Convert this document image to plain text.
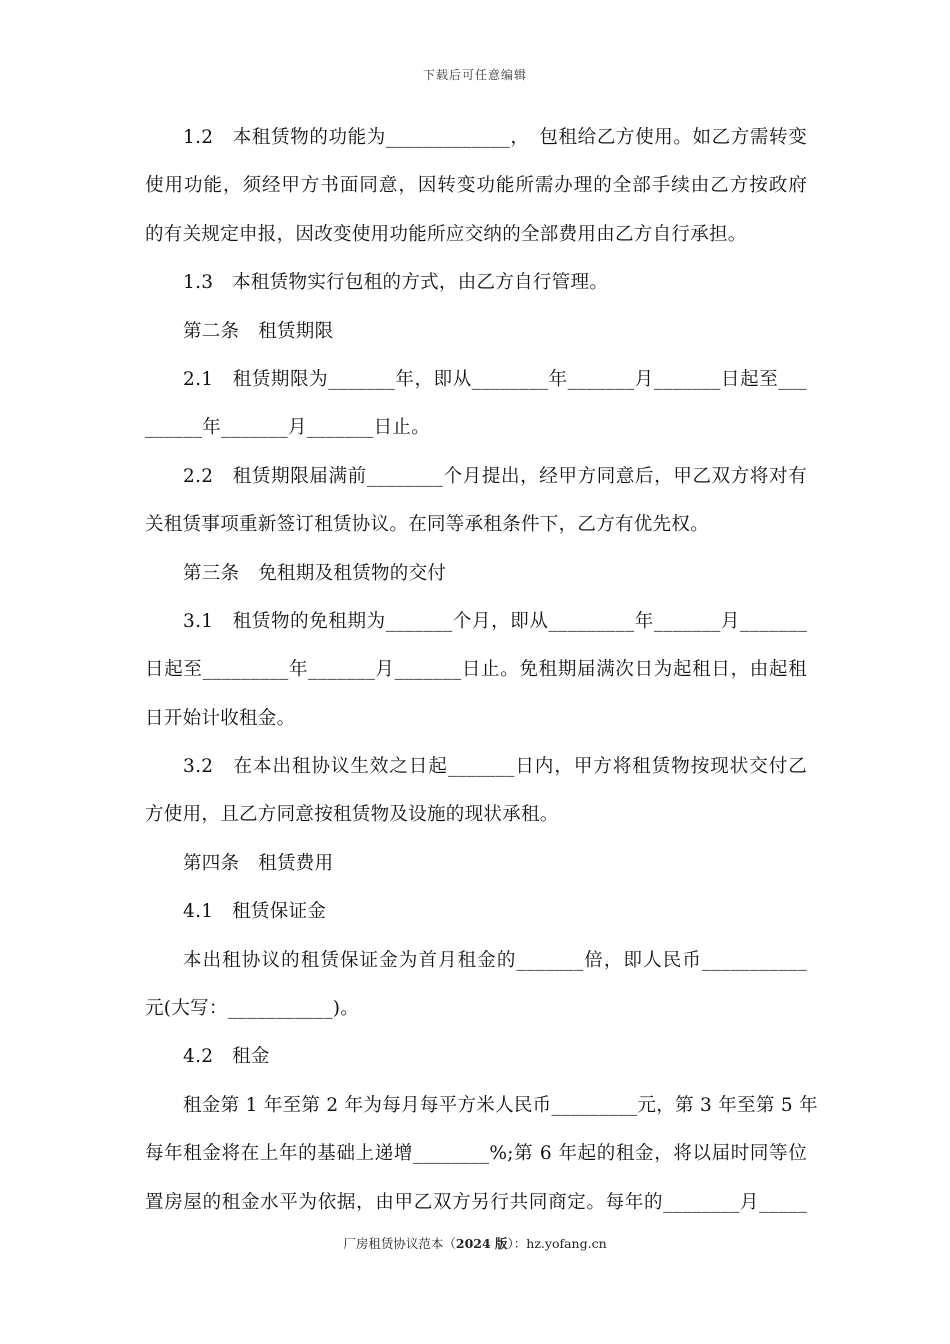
下载后可任意编辑
1.2　本租赁物的功能为_____________，　包租给乙方使用。如乙方需转变
使用功能，须经甲方书面同意，因转变功能所需办理的全部手续由乙方按政府
的有关规定申报，因改变使用功能所应交纳的全部费用由乙方自行承担。
1.3　本租赁物实行包租的方式，由乙方自行管理。
第二条　租赁期限
2.1　租赁期限为_______年，即从________年_______月_______日起至___
______年_______月_______日止。
2.2　租赁期限届满前________个月提出，经甲方同意后，甲乙双方将对有
关租赁事项重新签订租赁协议。在同等承租条件下，乙方有优先权。
第三条　免租期及租赁物的交付
3.1　租赁物的免租期为_______个月，即从_________年_______月_______
日起至_________年_______月_______日止。免租期届满次日为起租日，由起租
日开始计收租金。
3.2　在本出租协议生效之日起_______日内，甲方将租赁物按现状交付乙
方使用，且乙方同意按租赁物及设施的现状承租。
第四条　租赁费用
4.1　租赁保证金
本出租协议的租赁保证金为首月租金的_______倍，即人民币___________
元(大写：___________)。
4.2　租金
租金第 1 年至第 2 年为每月每平方米人民币_________元，第 3 年至第 5 年
每年租金将在上年的基础上递增________%;第 6 年起的租金，将以届时同等位
置房屋的租金水平为依据，由甲乙双方另行共同商定。每年的________月_____
厂房租赁协议范本（2024 版）：hz.yofang.cn
